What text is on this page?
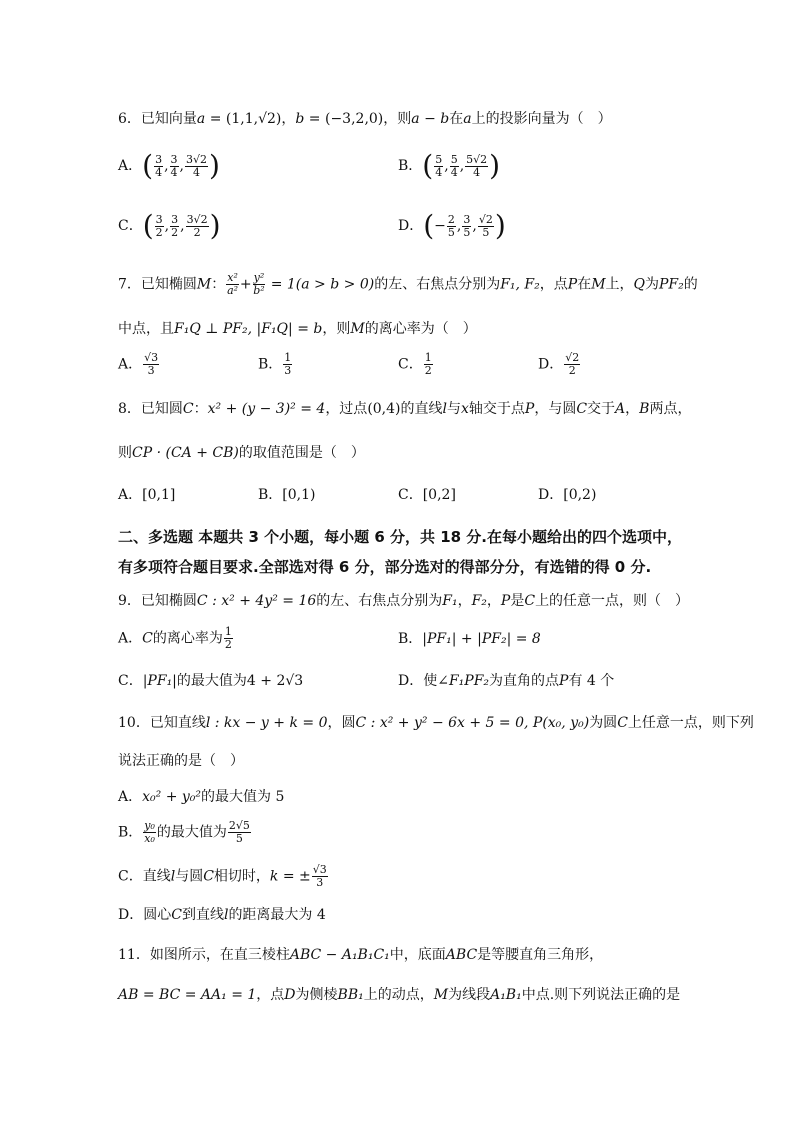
6．已知向量a = (1,1,√2)，b = (−3,2,0)，则a − b在a上的投影向量为（　）
A．( $\frac{3}{4}$ , $\frac{3}{4}$ , $\frac{3√2}{4}$ )	B．( $\frac{5}{4}$ , $\frac{5}{4}$ , $\frac{5√2}{4}$ )
C．( $\frac{3}{2}$ , $\frac{3}{2}$ , $\frac{3√2}{2}$ )	D．(− $\frac{2}{5}$ , $\frac{3}{5}$ , $\frac{√2}{5}$ )
7．已知椭圆M： $\frac{\text{x²}}{\text{a²}} + \frac{\text{y²}}{\text{b²}} = 1(a > b > 0)$的左、右焦点分别为F₁, F₂，点P在M上，Q为PF₂的
中点，且F₁Q ⊥ PF₂, |F₁Q| = b，则M的离心率为（　）
A． $\frac{√3}{3}$	B． $\frac{1}{3}$	C． $\frac{1}{2}$	D． $\frac{√2}{2}$
8．已知圆C：x² + (y − 3)² = 4，过点(0,4)的直线l与x轴交于点P，与圆C交于A，B两点，
则CP · (CA + CB)的取值范围是（　）
A．[0,1]	B．[0,1)	C．[0,2]	D．[0,2)
二、多选题 本题共 3 个小题，每小题 6 分，共 18 分.在每小题给出的四个选项中，
有多项符合题目要求.全部选对得 6 分，部分选对的得部分分，有选错的得 0 分.
9．已知椭圆C : x² + 4y² = 16的左、右焦点分别为F₁，F₂，P是C上的任意一点，则（　）
A．C的离心率为 $\frac{1}{2}$	B．|PF₁| + |PF₂| = 8
C．|PF₁|的最大值为4 + 2√3	D．使∠F₁PF₂为直角的点P有 4 个
10．已知直线l : kx − y + k = 0，圆C : x² + y² − 6x + 5 = 0, P(x₀, y₀)为圆C上任意一点，则下列
说法正确的是（　）
A．x₀² + y₀²的最大值为 5
B． $\frac{\text{y₀}}{\text{x₀}}$ 的最大值为 $\frac{2√5}{5}$
C．直线l与圆C相切时，k = ± $\frac{√3}{3}$
D．圆心C到直线l的距离最大为 4
11．如图所示，在直三棱柱ABC − A₁B₁C₁中，底面ABC是等腰直角三角形，
AB = BC = AA₁ = 1，点D为侧棱BB₁上的动点，M为线段A₁B₁中点.则下列说法正确的是
